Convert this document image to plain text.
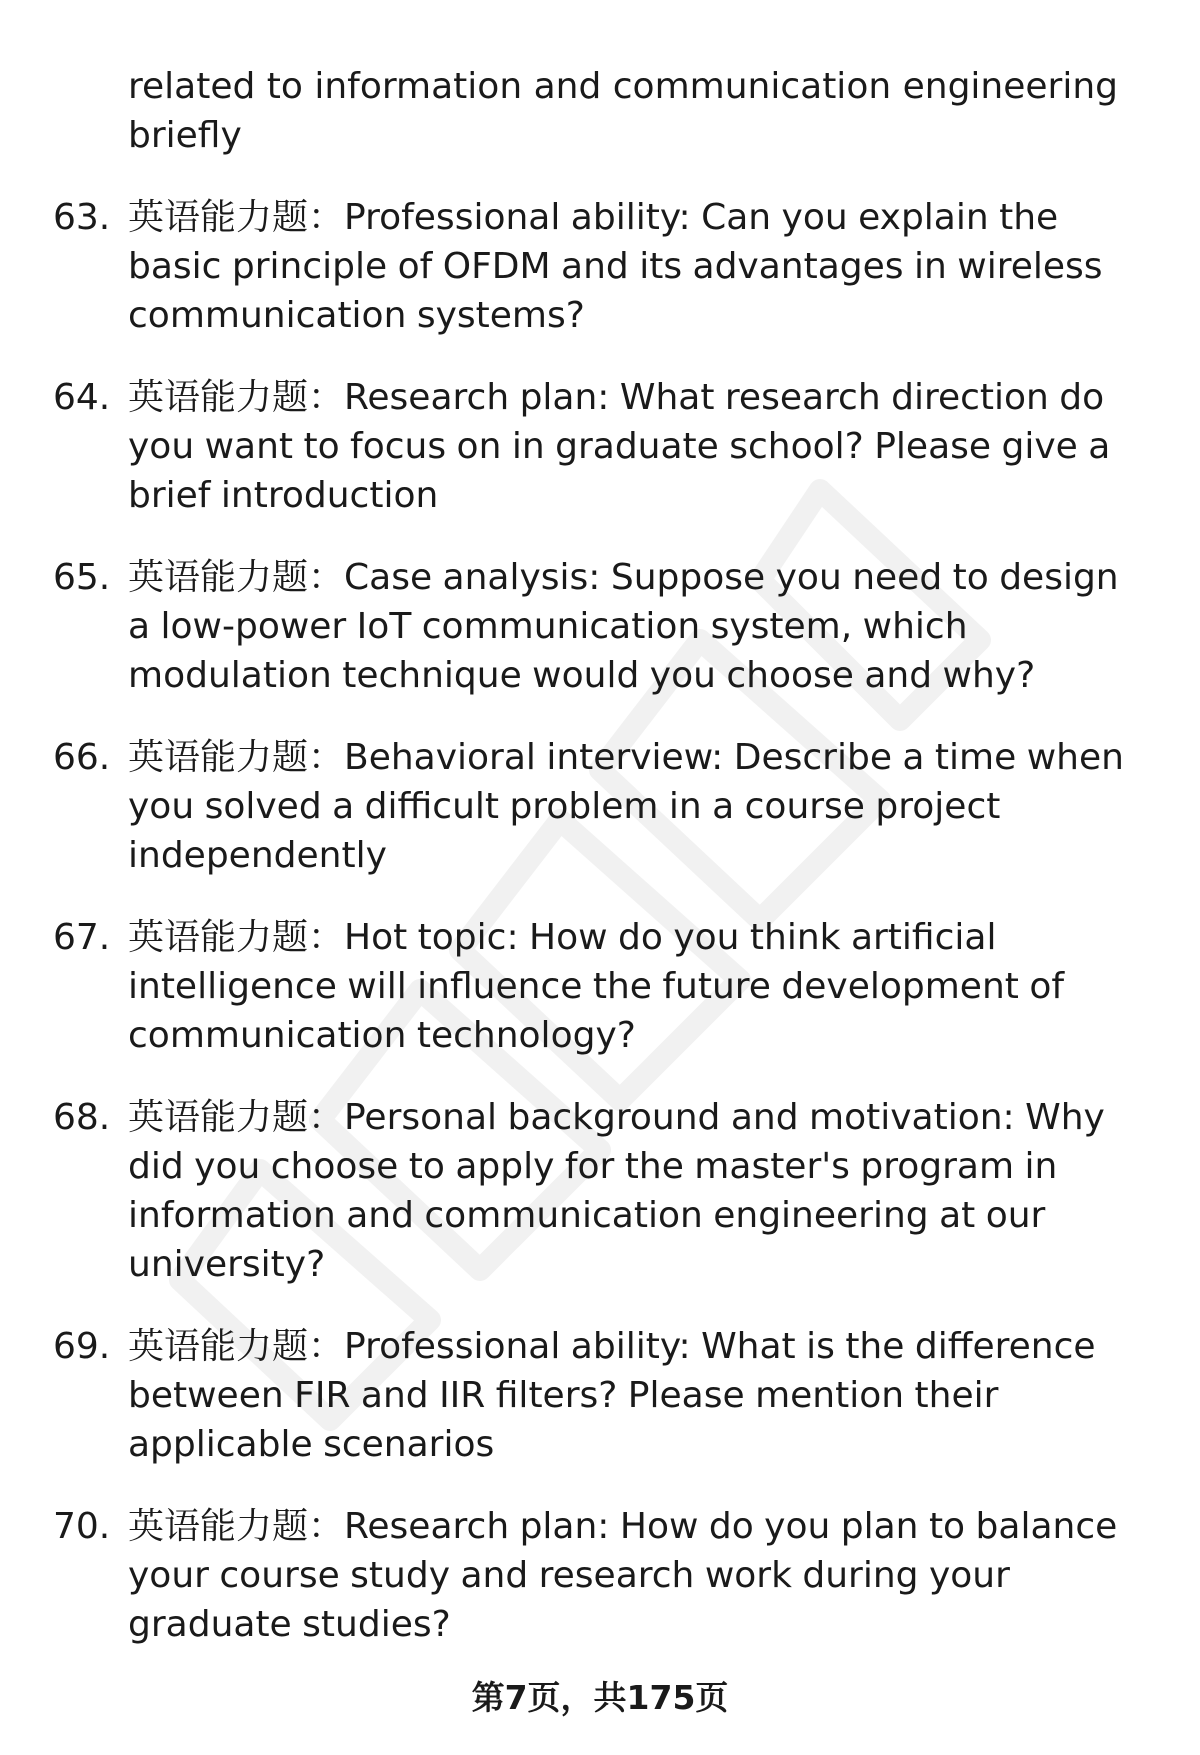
related to information and communication engineering briefly
63. 英语能力题：Professional ability: Can you explain the basic principle of OFDM and its advantages in wireless communication systems?
64. 英语能力题：Research plan: What research direction do you want to focus on in graduate school? Please give a brief introduction
65. 英语能力题：Case analysis: Suppose you need to design a low-power IoT communication system, which modulation technique would you choose and why?
66. 英语能力题：Behavioral interview: Describe a time when you solved a difficult problem in a course project independently
67. 英语能力题：Hot topic: How do you think artificial intelligence will influence the future development of communication technology?
68. 英语能力题：Personal background and motivation: Why did you choose to apply for the master's program in information and communication engineering at our university?
69. 英语能力题：Professional ability: What is the difference between FIR and IIR filters? Please mention their applicable scenarios
70. 英语能力题：Research plan: How do you plan to balance your course study and research work during your graduate studies?
第7页，共175页
